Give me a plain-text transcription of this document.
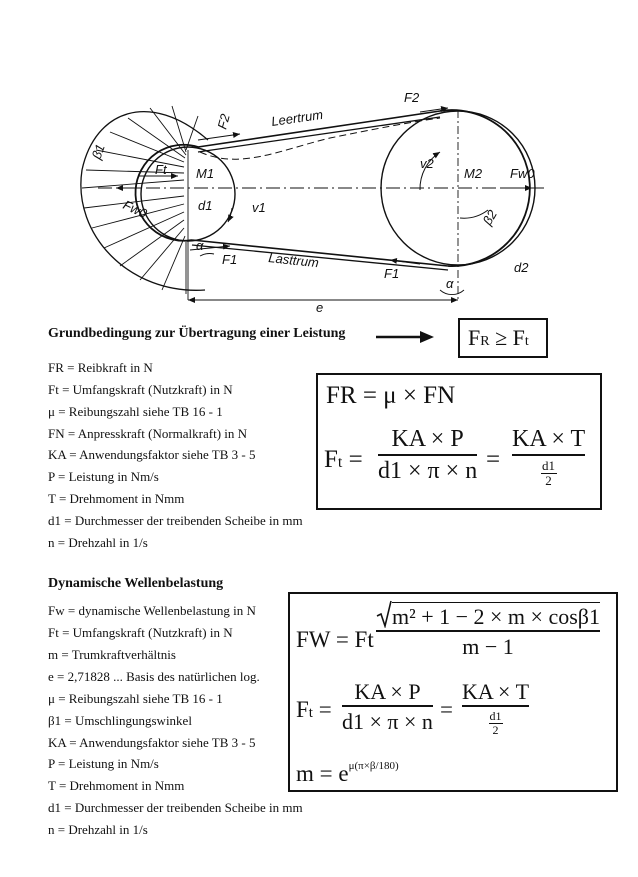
Leertrum
Lasttrum
F2
F2
Ft
F1
F1
Fw0
Fw0
M1	M2
d1
d2
v1
v2
β1
β2
α
α
e
Grundbedingung zur Übertragung einer Leistung	FR ≥ Ft
FR = Reibkraft in N
Ft = Umfangskraft (Nutzkraft) in N
μ = Reibungszahl siehe TB 16 - 1
FN = Anpresskraft (Normalkraft) in N
KA = Anwendungsfaktor siehe TB 3 - 5
P = Leistung in Nm/s
T = Drehmoment in Nmm
d1 = Durchmesser der treibenden Scheibe in mm
n = Drehzahl in 1/s
FR = μ × FN
Ft =
KA × P
d1 × π × n =
KA × T
d1
2
Dynamische Wellenbelastung
Fw = dynamische Wellenbelastung in N
Ft = Umfangskraft (Nutzkraft) in N
m = Trumkraftverhältnis
e = 2,71828 ... Basis des natürlichen log.
μ = Reibungszahl siehe TB 16 - 1
β1 = Umschlingungswinkel
KA = Anwendungsfaktor siehe TB 3 - 5
P = Leistung in Nm/s
T = Drehmoment in Nmm
d1 = Durchmesser der treibenden Scheibe in mm
n = Drehzahl in 1/s
FW = Ft
m² + 1 − 2 × m × cosβ1
m − 1
Ft =
KA × P
d1 × π × n =
KA × T
d1
2
$m = e^{\mu(\pi\times\beta/180)}$
